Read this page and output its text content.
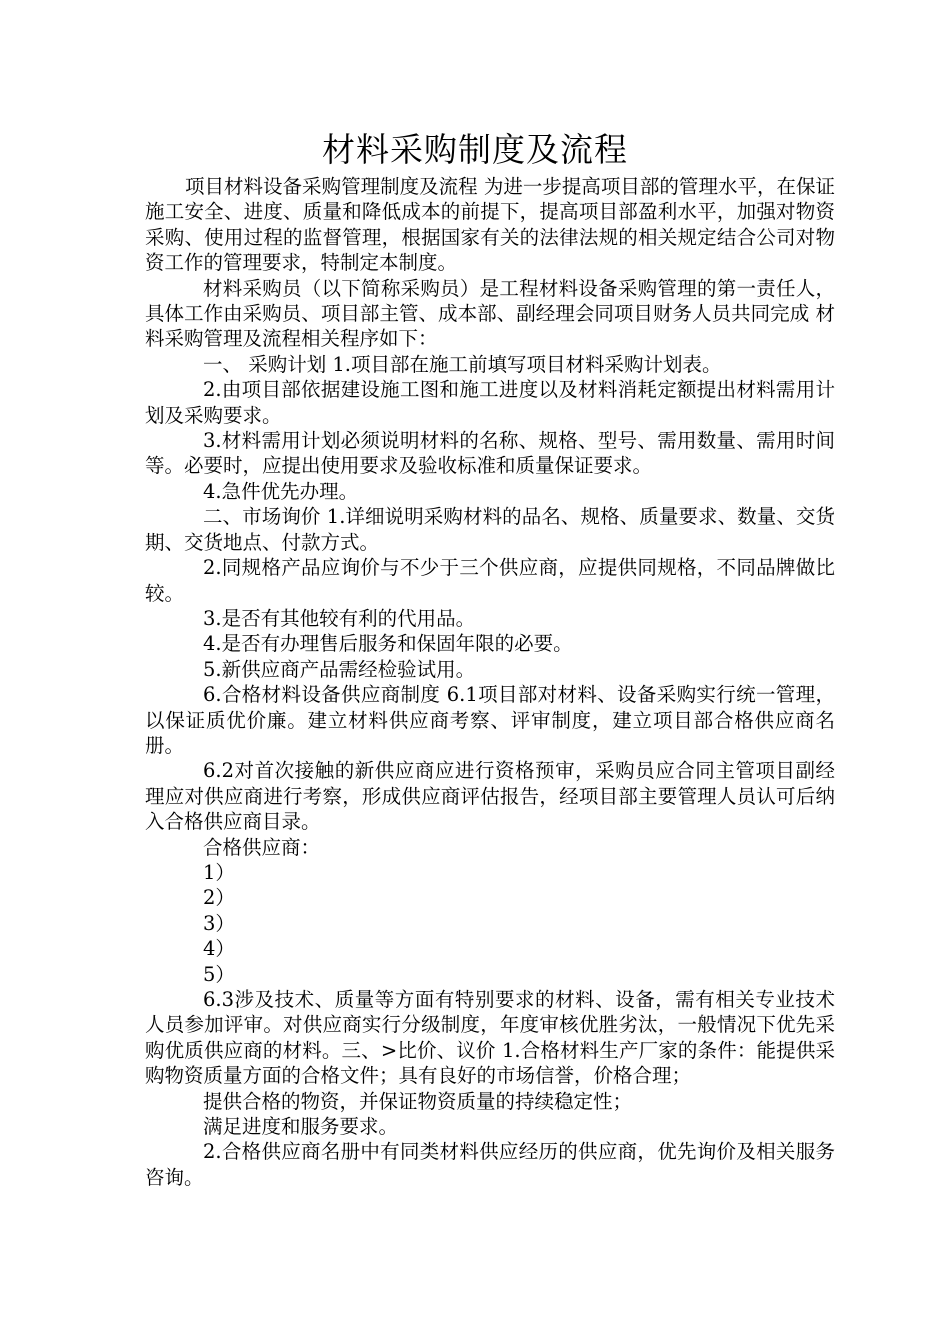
材料采购制度及流程

项目材料设备采购管理制度及流程 为进一步提高项目部的管理水平，在保证施工安全、进度、质量和降低成本的前提下，提高项目部盈利水平，加强对物资采购、使用过程的监督管理，根据国家有关的法律法规的相关规定结合公司对物资工作的管理要求，特制定本制度。

材料采购员（以下简称采购员）是工程材料设备采购管理的第一责任人，具体工作由采购员、项目部主管、成本部、副经理会同项目财务人员共同完成 材料采购管理及流程相关程序如下：

一、 采购计划 1.项目部在施工前填写项目材料采购计划表。

2.由项目部依据建设施工图和施工进度以及材料消耗定额提出材料需用计划及采购要求。

3.材料需用计划必须说明材料的名称、规格、型号、需用数量、需用时间等。必要时，应提出使用要求及验收标准和质量保证要求。

4.急件优先办理。

二、市场询价 1.详细说明采购材料的品名、规格、质量要求、数量、交货期、交货地点、付款方式。

2.同规格产品应询价与不少于三个供应商，应提供同规格，不同品牌做比较。

3.是否有其他较有利的代用品。

4.是否有办理售后服务和保固年限的必要。

5.新供应商产品需经检验试用。

6.合格材料设备供应商制度 6.1项目部对材料、设备采购实行统一管理，以保证质优价廉。建立材料供应商考察、评审制度，建立项目部合格供应商名册。

6.2对首次接触的新供应商应进行资格预审，采购员应合同主管项目副经理应对供应商进行考察，形成供应商评估报告，经项目部主要管理人员认可后纳入合格供应商目录。

合格供应商：

1）

2）

3）

4）

5）

6.3涉及技术、质量等方面有特别要求的材料、设备，需有相关专业技术人员参加评审。对供应商实行分级制度，年度审核优胜劣汰，一般情况下优先采购优质供应商的材料。三、>比价、议价 1.合格材料生产厂家的条件：能提供采购物资质量方面的合格文件；具有良好的市场信誉，价格合理；

提供合格的物资，并保证物资质量的持续稳定性；

满足进度和服务要求。

2.合格供应商名册中有同类材料供应经历的供应商，优先询价及相关服务咨询。
